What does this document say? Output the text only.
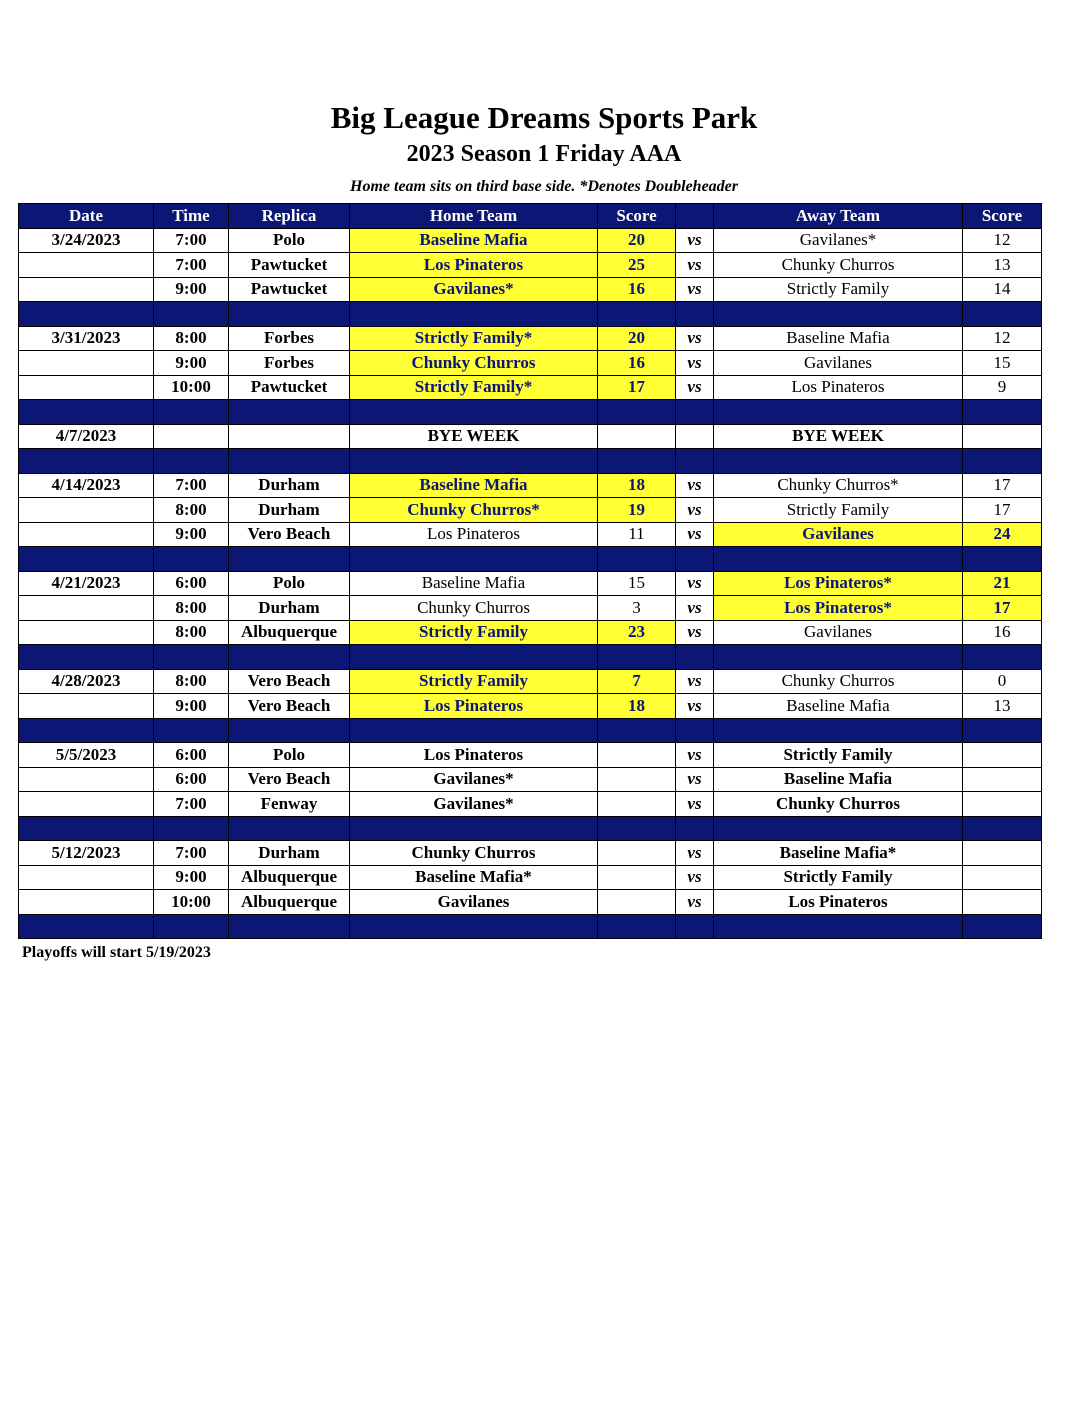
Big League Dreams Sports Park
2023 Season 1 Friday AAA
Home team sits on third base side. *Denotes Doubleheader
Date	Time	Replica	Home Team	Score		Away Team	Score
3/24/2023	7:00	Polo	Baseline Mafia	20	vs	Gavilanes*	12
	7:00	Pawtucket	Los Pinateros	25	vs	Chunky Churros	13
	9:00	Pawtucket	Gavilanes*	16	vs	Strictly Family	14

3/31/2023	8:00	Forbes	Strictly Family*	20	vs	Baseline Mafia	12
	9:00	Forbes	Chunky Churros	16	vs	Gavilanes	15
	10:00	Pawtucket	Strictly Family*	17	vs	Los Pinateros	9

4/7/2023			BYE WEEK			BYE WEEK	

4/14/2023	7:00	Durham	Baseline Mafia	18	vs	Chunky Churros*	17
	8:00	Durham	Chunky Churros*	19	vs	Strictly Family	17
	9:00	Vero Beach	Los Pinateros	11	vs	Gavilanes	24

4/21/2023	6:00	Polo	Baseline Mafia	15	vs	Los Pinateros*	21
	8:00	Durham	Chunky Churros	3	vs	Los Pinateros*	17
	8:00	Albuquerque	Strictly Family	23	vs	Gavilanes	16

4/28/2023	8:00	Vero Beach	Strictly Family	7	vs	Chunky Churros	0
	9:00	Vero Beach	Los Pinateros	18	vs	Baseline Mafia	13

5/5/2023	6:00	Polo	Los Pinateros		vs	Strictly Family	
	6:00	Vero Beach	Gavilanes*		vs	Baseline Mafia	
	7:00	Fenway	Gavilanes*		vs	Chunky Churros	

5/12/2023	7:00	Durham	Chunky Churros		vs	Baseline Mafia*	
	9:00	Albuquerque	Baseline Mafia*		vs	Strictly Family	
	10:00	Albuquerque	Gavilanes		vs	Los Pinateros	

Playoffs will start 5/19/2023
